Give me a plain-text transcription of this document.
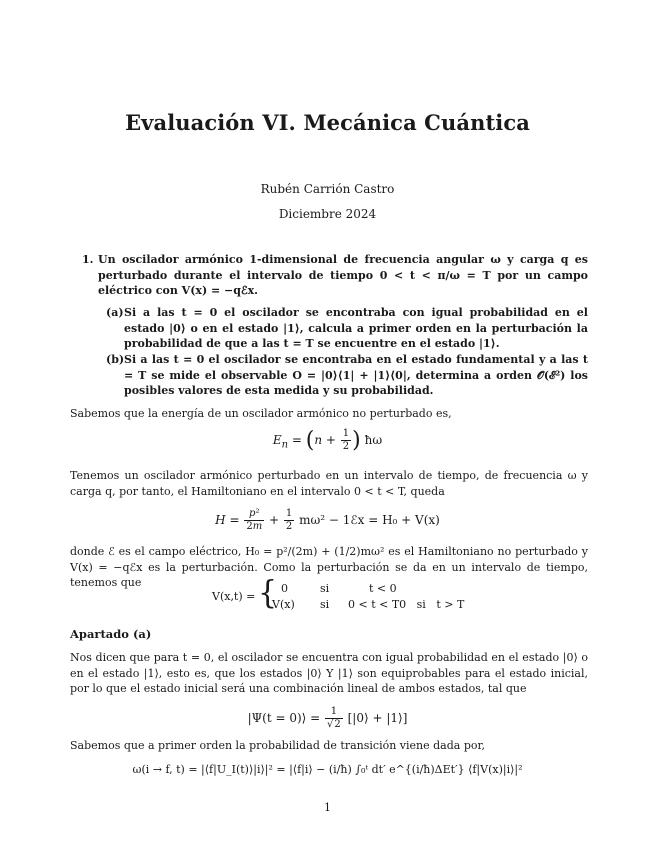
Evaluación VI. Mecánica Cuántica
Rubén Carrión Castro
Diciembre 2024
1. Un oscilador armónico 1-dimensional de frecuencia angular ω y carga q es perturbado durante el intervalo de tiempo 0 < t < π/ω = T por un campo eléctrico con V(x) = −qℰx.
(a) Si a las t = 0 el oscilador se encontraba con igual probabilidad en el estado |0⟩ o en el estado |1⟩, calcula a primer orden en la perturbación la probabilidad de que a las t = T se encuentre en el estado |1⟩.
(b) Si a las t = 0 el oscilador se encontraba en el estado fundamental y a las t = T se mide el observable O = |0⟩⟨1| + |1⟩⟨0|, determina a orden 𝒪(ℰ²) los posibles valores de esta medida y su probabilidad.
Sabemos que la energía de un oscilador armónico no perturbado es,
$E_n = (n + \frac{1}{2}$ ) ħω
Tenemos un oscilador armónico perturbado en un intervalo de tiempo, de frecuencia ω y carga q, por tanto, el Hamiltoniano en el intervalo 0 < t < T, queda
$H = \frac{\text{p²}}{2m} + \frac{1}{2} m\omega^2$ − 1ℰx = H₀ + V(x)
donde ℰ es el campo eléctrico, H₀ = p²/(2m) + (1/2)mω² es el Hamiltoniano no perturbado y V(x) = −qℰx es la perturbación. Como la perturbación se da en un intervalo de tiempo, tenemos que
V(x,t) = { 0	si	t < 0
V(x) si 0 < t < T0   si   t > T
Apartado (a)
Nos dicen que para t = 0, el oscilador se encuentra con igual probabilidad en el estado |0⟩ o en el estado |1⟩, esto es, que los estados |0⟩ Y |1⟩ son equiprobables para el estado inicial, por lo que el estado inicial será una combinación lineal de ambos estados, tal que
|Ψ(t = 0)⟩ = $\frac{1}{√2}$ [|0⟩ + |1⟩]
Sabemos que a primer orden la probabilidad de transición viene dada por,
ω(i → f, t) = |⟨f|U_I(t)⟩|i⟩|² = |⟨f|i⟩ − (i/ħ) ∫₀ᵗ dt′ e^{(i/ħ)ΔEt′} ⟨f|V(x)|i⟩|²
1
